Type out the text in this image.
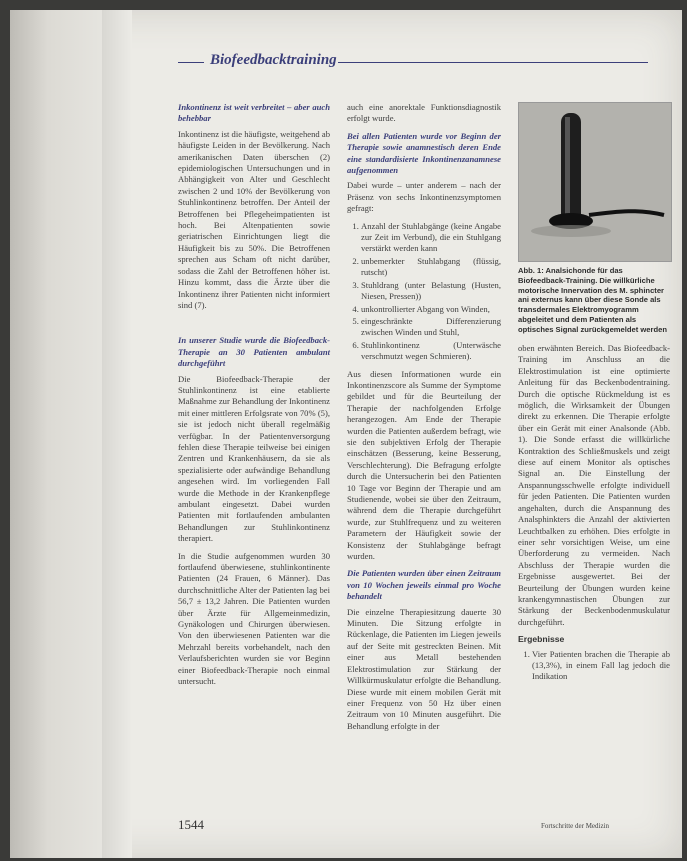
Biofeedbacktraining

Inkontinenz ist weit verbreitet – aber auch behebbar

Inkontinenz ist die häufigste, weitgehend ab häufigste Leiden in der Bevölkerung. Nach amerikanischen Daten überschen (2) epidemiologischen Untersuchungen und in Abhängigkeit von Alter und Geschlecht zwischen 2 und 10% der Bevölkerung von Stuhlinkontinenz betroffen. Der Anteil der Betroffenen bei Pflegeheimpatienten ist hoch. Bei Altenpatienten sowie geriatrischen Einrichtungen liegt die Häufigkeit bis zu 50%. Die Betroffenen sprechen aus Scham oft nicht darüber, sodass die Zahl der Betroffenen höher ist. Hinzu kommt, dass die Ärzte über die Inkontinenz ihrer Patienten nicht informiert sind (7).

In unserer Studie wurde die Biofeedback-Therapie an 30 Patienten ambulant durchgeführt

Die Biofeedback-Therapie der Stuhlinkontinenz ist eine etablierte Maßnahme zur Behandlung der Inkontinenz mit einer mittleren Erfolgsrate von 70% (5), sie ist jedoch nicht überall regelmäßig verfügbar. In der Patientenversorgung fehlen diese Therapie teilweise bei einigen Zentren und Krankenhäusern, da sie als spezialisierte oder aufwändige Behandlung angesehen wird. Im vorliegenden Fall wurde die Methode in der Krankenpflege ambulant eingesetzt. Dabei wurden Patienten mit fortlaufenden ambulanten Behandlungen zur Stuhlinkontinenz therapiert.

In die Studie aufgenommen wurden 30 fortlaufend überwiesene, stuhlinkontinente Patienten (24 Frauen, 6 Männer). Das durchschnittliche Alter der Patienten lag bei 56,7 ± 13,2 Jahren. Die Patienten wurden über Ärzte für Allgemeinmedizin, Gynäkologen und Chirurgen überwiesen. Von den überwiesenen Patienten war die Mehrzahl bereits vorbehandelt, nach den Verlaufsberichten wurden sie vor Beginn einer Biofeedback-Therapie noch einmal untersucht.

auch eine anorektale Funktionsdiagnostik erfolgt wurde.

Bei allen Patienten wurde vor Beginn der Therapie sowie anamnestisch deren Ende eine standardisierte Inkontinenzanamnese aufgenommen

Dabei wurde – unter anderem – nach der Präsenz von sechs Inkontinenzsymptomen gefragt:

1. Anzahl der Stuhlabgänge (keine Angabe zur Zeit im Verbund), die ein Stuhlgang verstärkt werden kann
2. unbemerkter Stuhlabgang (flüssig, rutscht)
3. Stuhldrang (unter Belastung (Husten, Niesen, Pressen))
4. unkontrollierter Abgang von Winden,
5. eingeschränkte Differenzierung zwischen Winden und Stuhl,
6. Stuhlinkontinenz (Unterwäsche verschmutzt wegen Schmieren).

Aus diesen Informationen wurde ein Inkontinenzscore als Summe der Symptome gebildet und für die Beurteilung der Therapie der nachfolgenden Erfolge herangezogen. Am Ende der Therapie wurden die Patienten außerdem befragt, wie sie den subjektiven Erfolg der Therapie einschätzen (Besserung, keine Besserung, Verschlechterung). Die Befragung erfolgte durch die Untersucherin bei den Patienten 10 Tage vor Beginn der Therapie und am Studienende, wobei sie über den Zeitraum, während dem die Therapie durchgeführt wurde, zur Stuhlfrequenz und zu weiteren Parametern der Häufigkeit sowie der Konsistenz der Stuhlabgänge befragt wurden.

Die Patienten wurden über einen Zeitraum von 10 Wochen jeweils einmal pro Woche behandelt

Die einzelne Therapiesitzung dauerte 30 Minuten. Die Sitzung erfolgte in Rückenlage, die Patienten im Liegen jeweils auf der Seite mit gestreckten Beinen. Mit einer aus Metall bestehenden Elektrostimulation zur Stärkung der Willkürmuskulatur erfolgte die Behandlung. Diese wurde mit einem mobilen Gerät mit einer Frequenz von 50 Hz über einen Zeitraum von 10 Minuten ausgeführt. Die Behandlung erfolgte in der

Abb. 1: Analsichonde für das Biofeedback-Training. Die willkürliche motorische Innervation des M. sphincter ani externus kann über diese Sonde als transdermales Elektromyogramm abgeleitet und dem Patienten als optisches Signal zurückgemeldet werden

oben erwähnten Bereich. Das Biofeedback-Training im Anschluss an die Elektrostimulation ist eine optimierte Anleitung für das Beckenbodentraining. Durch die optische Rückmeldung ist es möglich, die Wirksamkeit der Übungen direkt zu erkennen. Die Therapie erfolgte über ein Gerät mit einer Analsonde (Abb. 1). Die Sonde erfasst die willkürliche Kontraktion des Schließmuskels und zeigt diese auf einem Monitor als optisches Signal an. Die Einstellung der Anspannungsschwelle erfolgte individuell für jeden Patienten. Die Patienten wurden angehalten, durch die Anspannung des Analsphinkters die Anzahl der aktivierten Leuchtbalken zu erhöhen. Dies erfolgte in einer sehr vorsichtigen Weise, um eine Überforderung zu vermeiden. Nach Abschluss der Therapie wurden die Ergebnisse ausgewertet. Bei der Beurteilung der Übungen wurden keine krankengymnastischen Übungen zur Stärkung der Beckenbodenmuskulatur durchgeführt.

Ergebnisse

1. Vier Patienten brachen die Therapie ab (13,3%), in einem Fall lag jedoch die Indikation
1544	Fortschritte der Medizin
